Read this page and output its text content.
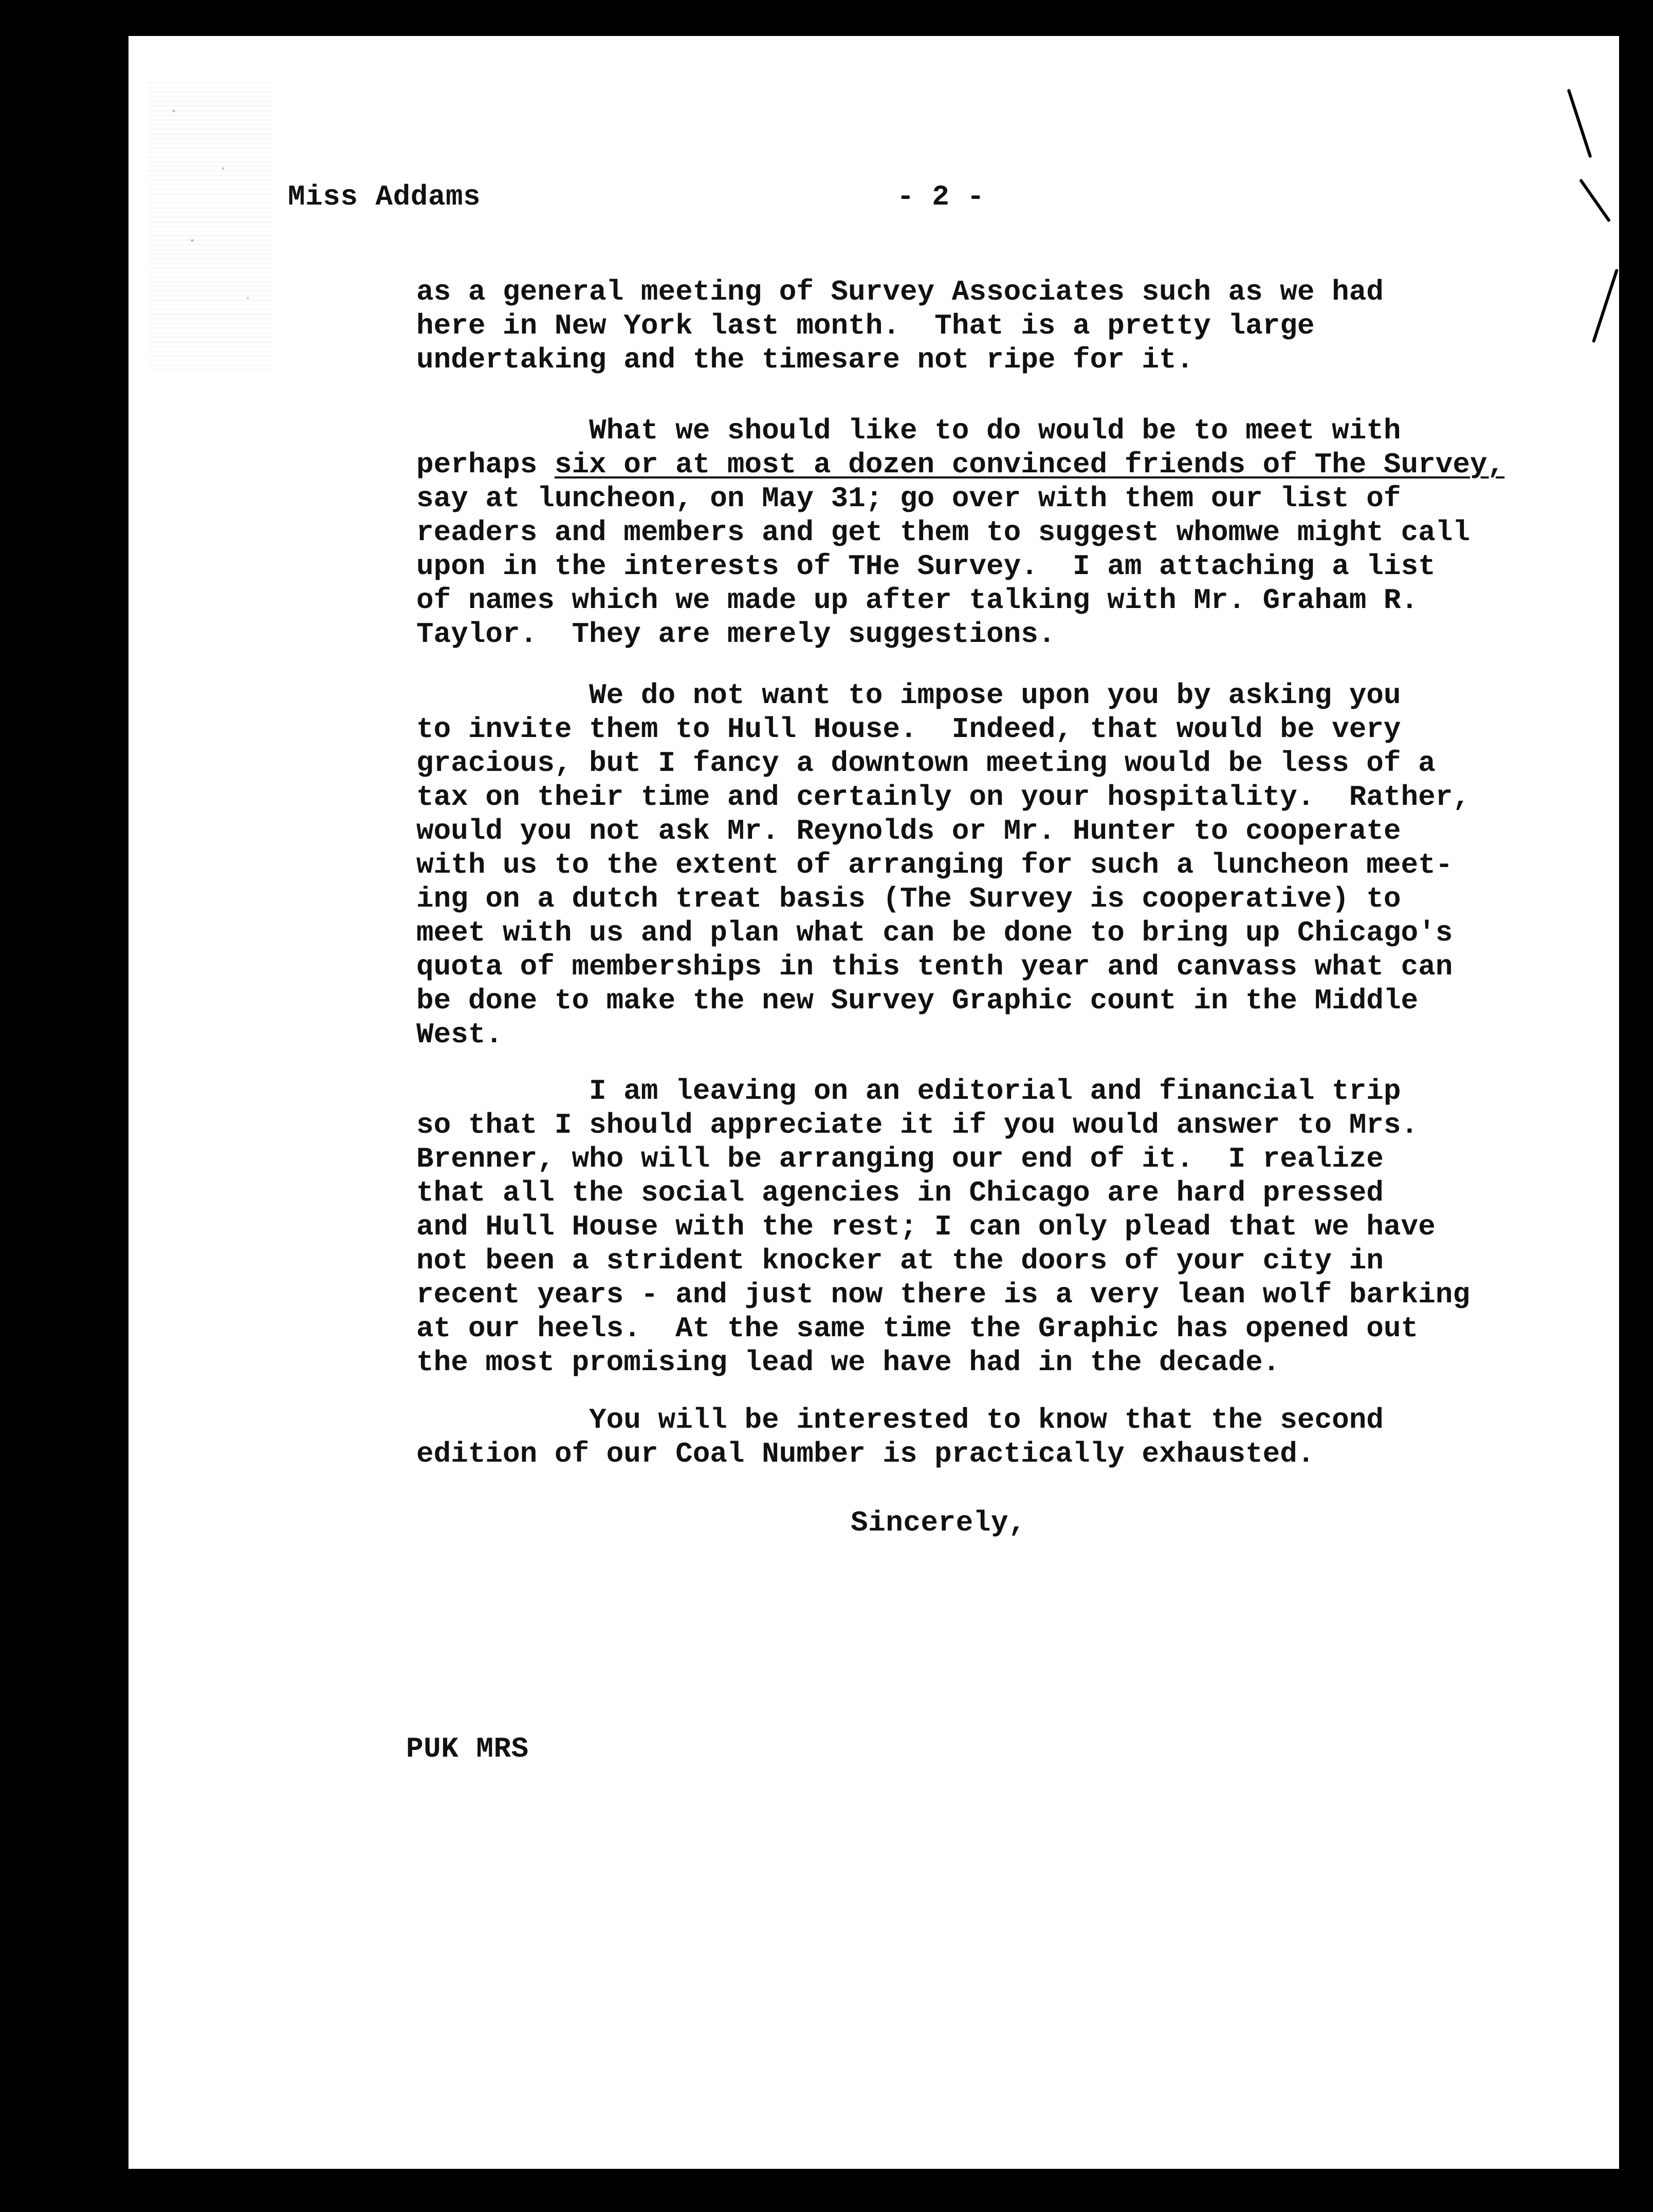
Miss Addams	- 2 -
as a general meeting of Survey Associates such as we had
here in New York last month.  That is a pretty large
undertaking and the timesare not ripe for it.
What we should like to do would be to meet with
perhaps six or at most a dozen convinced friends of The Survey,
say at luncheon, on May 31; go over with them our list of
readers and members and get them to suggest whomwe might call
upon in the interests of THe Survey.  I am attaching a list
of names which we made up after talking with Mr. Graham R.
Taylor.  They are merely suggestions.
We do not want to impose upon you by asking you
to invite them to Hull House.  Indeed, that would be very
gracious, but I fancy a downtown meeting would be less of a
tax on their time and certainly on your hospitality.  Rather,
would you not ask Mr. Reynolds or Mr. Hunter to cooperate
with us to the extent of arranging for such a luncheon meet-
ing on a dutch treat basis (The Survey is cooperative) to
meet with us and plan what can be done to bring up Chicago's
quota of memberships in this tenth year and canvass what can
be done to make the new Survey Graphic count in the Middle
West.
I am leaving on an editorial and financial trip
so that I should appreciate it if you would answer to Mrs.
Brenner, who will be arranging our end of it.  I realize
that all the social agencies in Chicago are hard pressed
and Hull House with the rest; I can only plead that we have
not been a strident knocker at the doors of your city in
recent years - and just now there is a very lean wolf barking
at our heels.  At the same time the Graphic has opened out
the most promising lead we have had in the decade.
You will be interested to know that the second
edition of our Coal Number is practically exhausted.
Sincerely,
PUK MRS
